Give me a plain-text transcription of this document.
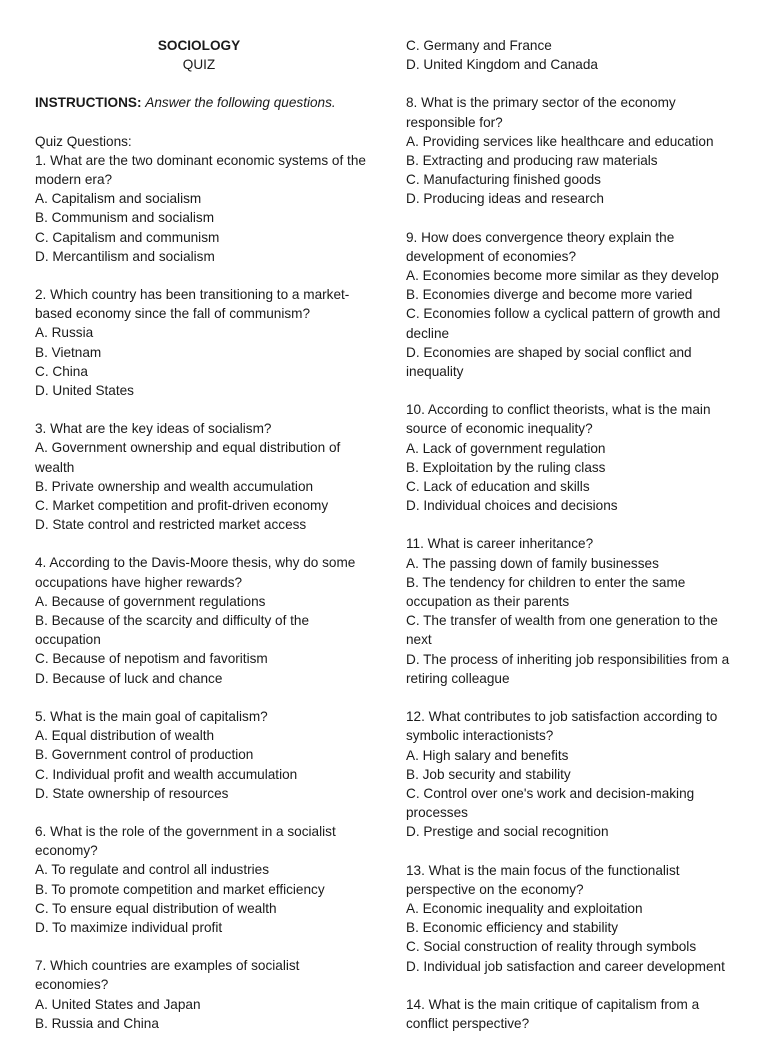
SOCIOLOGY
QUIZ
INSTRUCTIONS: Answer the following questions.
Quiz Questions:
1. What are the two dominant economic systems of the modern era?
A. Capitalism and socialism
B. Communism and socialism
C. Capitalism and communism
D. Mercantilism and socialism
2. Which country has been transitioning to a market-based economy since the fall of communism?
A. Russia
B. Vietnam
C. China
D. United States
3. What are the key ideas of socialism?
A. Government ownership and equal distribution of wealth
B. Private ownership and wealth accumulation
C. Market competition and profit-driven economy
D. State control and restricted market access
4. According to the Davis-Moore thesis, why do some occupations have higher rewards?
A. Because of government regulations
B. Because of the scarcity and difficulty of the occupation
C. Because of nepotism and favoritism
D. Because of luck and chance
5. What is the main goal of capitalism?
A. Equal distribution of wealth
B. Government control of production
C. Individual profit and wealth accumulation
D. State ownership of resources
6. What is the role of the government in a socialist economy?
A. To regulate and control all industries
B. To promote competition and market efficiency
C. To ensure equal distribution of wealth
D. To maximize individual profit
7. Which countries are examples of socialist economies?
A. United States and Japan
B. Russia and China
C. Germany and France
D. United Kingdom and Canada
8. What is the primary sector of the economy responsible for?
A. Providing services like healthcare and education
B. Extracting and producing raw materials
C. Manufacturing finished goods
D. Producing ideas and research
9. How does convergence theory explain the development of economies?
A. Economies become more similar as they develop
B. Economies diverge and become more varied
C. Economies follow a cyclical pattern of growth and decline
D. Economies are shaped by social conflict and inequality
10. According to conflict theorists, what is the main source of economic inequality?
A. Lack of government regulation
B. Exploitation by the ruling class
C. Lack of education and skills
D. Individual choices and decisions
11. What is career inheritance?
A. The passing down of family businesses
B. The tendency for children to enter the same occupation as their parents
C. The transfer of wealth from one generation to the next
D. The process of inheriting job responsibilities from a retiring colleague
12. What contributes to job satisfaction according to symbolic interactionists?
A. High salary and benefits
B. Job security and stability
C. Control over one's work and decision-making processes
D. Prestige and social recognition
13. What is the main focus of the functionalist perspective on the economy?
A. Economic inequality and exploitation
B. Economic efficiency and stability
C. Social construction of reality through symbols
D. Individual job satisfaction and career development
14. What is the main critique of capitalism from a conflict perspective?
